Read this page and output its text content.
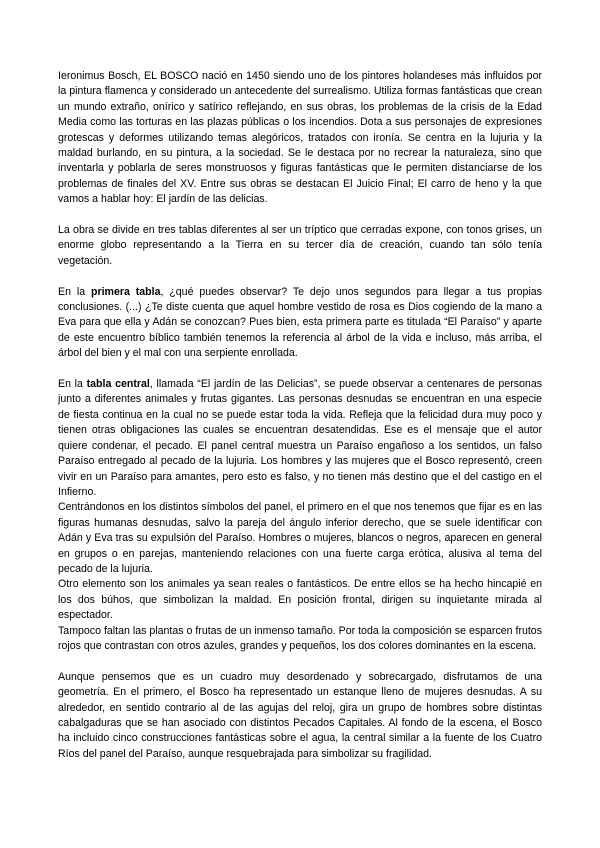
Ieronimus Bosch, EL BOSCO nació en 1450 siendo uno de los pintores holandeses más influidos por la pintura flamenca y considerado un antecedente del surrealismo. Utiliza formas fantásticas que crean un mundo extraño, onírico y satírico reflejando, en sus obras, los problemas de la crisis de la Edad Media como las torturas en las plazas públicas o los incendios. Dota a sus personajes de expresiones grotescas y deformes utilizando temas alegóricos, tratados con ironía. Se centra en la lujuria y la maldad burlando, en su pintura, a la sociedad. Se le destaca por no recrear la naturaleza, sino que inventarla y poblarla de seres monstruosos y figuras fantásticas que le permiten distanciarse de los problemas de finales del XV. Entre sus obras se destacan El Juicio Final; El carro de heno y la que vamos a hablar hoy: El jardín de las delicias.

La obra se divide en tres tablas diferentes al ser un tríptico que cerradas expone, con tonos grises, un enorme globo representando a la Tierra en su tercer día de creación, cuando tan sólo tenía vegetación.

En la primera tabla, ¿qué puedes observar? Te dejo unos segundos para llegar a tus propias conclusiones. (...) ¿Te diste cuenta que aquel hombre vestido de rosa es Dios cogiendo de la mano a Eva para que ella y Adán se conozcan? Pues bien, esta primera parte es titulada “El Paraíso” y aparte de este encuentro bíblico también tenemos la referencia al árbol de la vida e incluso, más arriba, el árbol del bien y el mal con una serpiente enrollada.

En la tabla central, llamada “El jardín de las Delicias”, se puede observar a centenares de personas junto a diferentes animales y frutas gigantes. Las personas desnudas se encuentran en una especie de fiesta continua en la cual no se puede estar toda la vida. Refleja que la felicidad dura muy poco y tienen otras obligaciones las cuales se encuentran desatendidas. Ese es el mensaje que el autor quiere condenar, el pecado. El panel central muestra un Paraíso engañoso a los sentidos, un falso Paraíso entregado al pecado de la lujuria. Los hombres y las mujeres que el Bosco representó, creen vivir en un Paraíso para amantes, pero esto es falso, y no tienen más destino que el del castigo en el Infierno.

Centrándonos en los distintos símbolos del panel, el primero en el que nos tenemos que fijar es en las figuras humanas desnudas, salvo la pareja del ángulo inferior derecho, que se suele identificar con Adán y Eva tras su expulsión del Paraíso. Hombres o mujeres, blancos o negros, aparecen en general en grupos o en parejas, manteniendo relaciones con una fuerte carga erótica, alusiva al tema del pecado de la lujuria.

Otro elemento son los animales ya sean reales o fantásticos. De entre ellos se ha hecho hincapié en los dos búhos, que simbolizan la maldad. En posición frontal, dirigen su inquietante mirada al espectador.

Tampoco faltan las plantas o frutas de un inmenso tamaño. Por toda la composición se esparcen frutos rojos que contrastan con otros azules, grandes y pequeños, los dos colores dominantes en la escena.

Aunque pensemos que es un cuadro muy desordenado y sobrecargado, disfrutamos de una geometría. En el primero, el Bosco ha representado un estanque lleno de mujeres desnudas. A su alrededor, en sentido contrario al de las agujas del reloj, gira un grupo de hombres sobre distintas cabalgaduras que se han asociado con distintos Pecados Capitales. Al fondo de la escena, el Bosco ha incluido cinco construcciones fantásticas sobre el agua, la central similar a la fuente de los Cuatro Ríos del panel del Paraíso, aunque resquebrajada para simbolizar su fragilidad.
